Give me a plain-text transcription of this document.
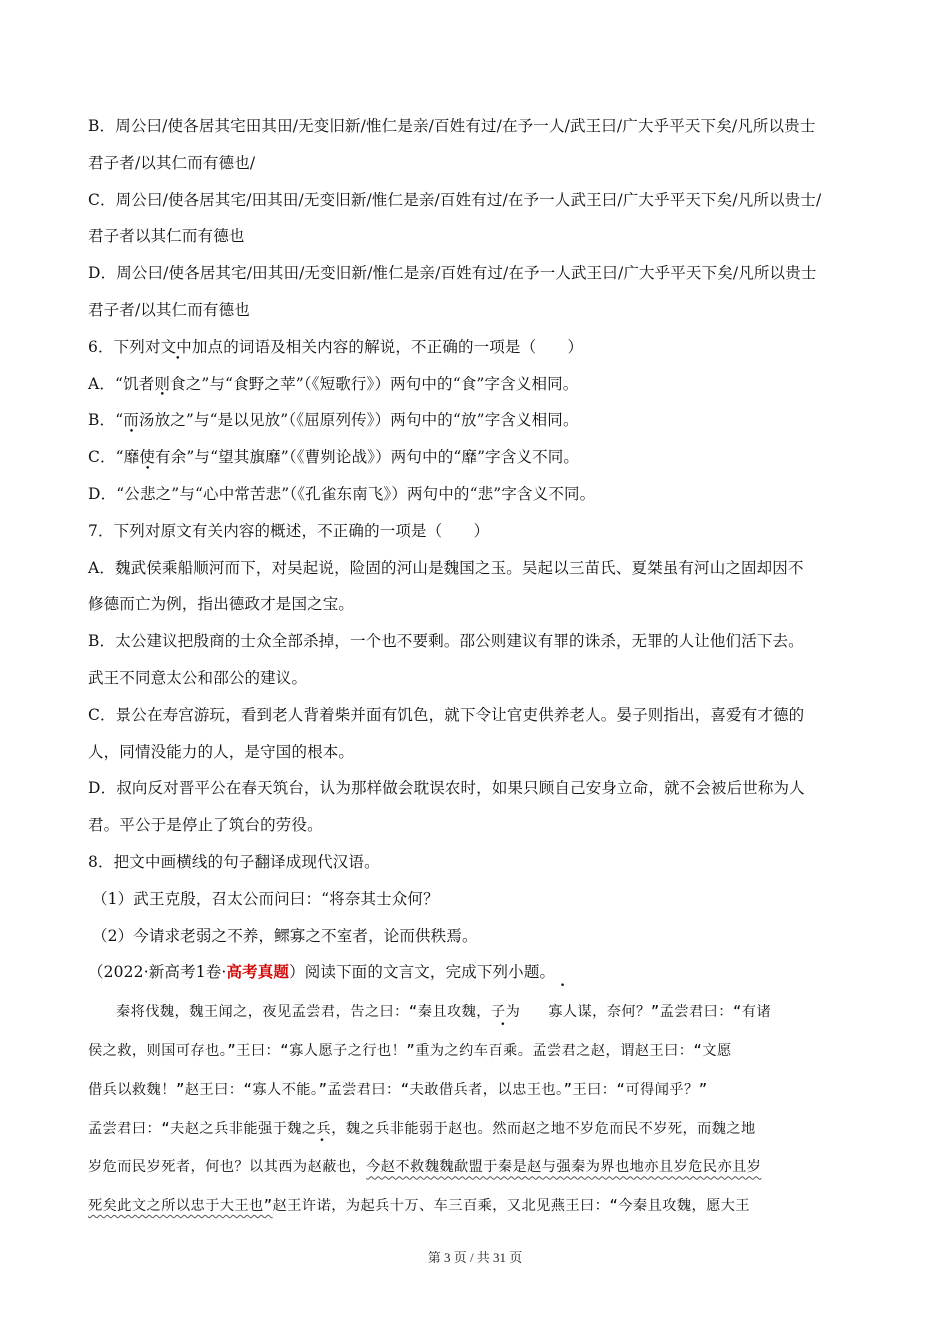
B．周公曰/使各居其宅田其田/无变旧新/惟仁是亲/百姓有过/在予一人/武王曰/广大乎平天下矣/凡所以贵士
君子者/以其仁而有德也/
C．周公曰/使各居其宅/田其田/无变旧新/惟仁是亲/百姓有过/在予一人武王曰/广大乎平天下矣/凡所以贵士/
君子者以其仁而有德也
D．周公曰/使各居其宅/田其田/无变旧新/惟仁是亲/百姓有过/在予一人武王曰/广大乎平天下矣/凡所以贵士
君子者/以其仁而有德也
6．下列对文中加点的词语及相关内容的解说，不正确的一项是（　　）
A．“饥者则食之”与“食野之苹”（《短歌行》）两句中的“食”字含义相同。
B．“而汤放之”与“是以见放”（《屈原列传》）两句中的“放”字含义相同。
C．“靡使有余”与“望其旗靡”（《曹刿论战》）两句中的“靡”字含义不同。
D．“公悲之”与“心中常苦悲”（《孔雀东南飞》）两句中的“悲”字含义不同。
7．下列对原文有关内容的概述，不正确的一项是（　　）
A．魏武侯乘船顺河而下，对吴起说，险固的河山是魏国之玉。吴起以三苗氏、夏桀虽有河山之固却因不
修德而亡为例，指出德政才是国之宝。
B．太公建议把殷商的士众全部杀掉，一个也不要剩。邵公则建议有罪的诛杀，无罪的人让他们活下去。
武王不同意太公和邵公的建议。
C．景公在寿宫游玩，看到老人背着柴并面有饥色，就下令让官吏供养老人。晏子则指出，喜爱有才德的
人，同情没能力的人，是守国的根本。
D．叔向反对晋平公在春天筑台，认为那样做会耽误农时，如果只顾自己安身立命，就不会被后世称为人
君。平公于是停止了筑台的劳役。
8．把文中画横线的句子翻译成现代汉语。
（1）武王克殷，召太公而问曰：“将奈其士众何？
（2）今请求老弱之不养，鳏寡之不室者，论而供秩焉。
（2022·新高考1卷·高考真题）阅读下面的文言文，完成下列小题。
秦将伐魏，魏王闻之，夜见孟尝君，告之曰：“秦且攻魏，子为 寡人谋，奈何？”孟尝君曰：“有诸
侯之救，则国可存也。”王曰：“寡人愿子之行也！”重为之约车百乘。孟尝君之赵，谓赵王曰：“文愿
借兵以救魏！”赵王曰：“寡人不能。”孟尝君曰：“夫敢借兵者，以忠王也。”王曰：“可得闻乎？”
孟尝君曰：“夫赵之兵非能强于魏之兵，魏之兵非能弱于赵也。然而赵之地不岁危而民不岁死，而魏之地
岁危而民岁死者，何也？以其西为赵蔽也，今赵不救魏魏歃盟于秦是赵与强秦为界也地亦且岁危民亦且岁
死矣此文之所以忠于大王也”赵王许诺，为起兵十万、车三百乘，又北见燕王曰：“今秦且攻魏，愿大王
第 3 页 / 共 31 页
